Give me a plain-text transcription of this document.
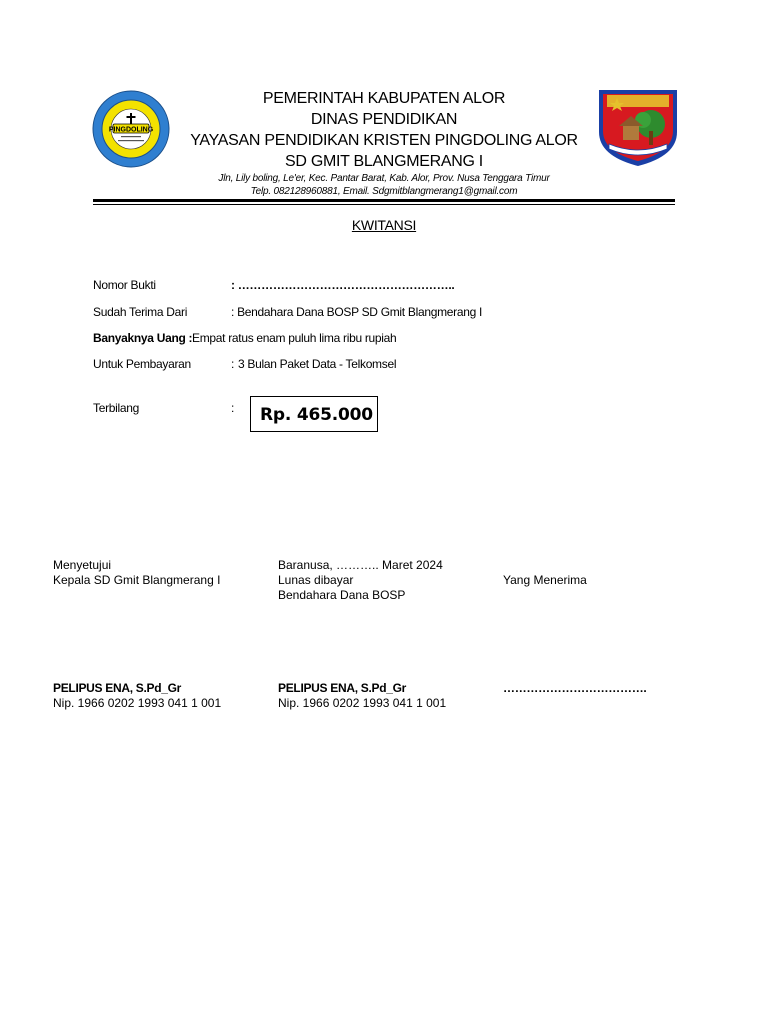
PINGDOLING
PEMERINTAH KABUPATEN ALOR
DINAS PENDIDIKAN
YAYASAN PENDIDIKAN KRISTEN PINGDOLING ALOR
SD GMIT BLANGMERANG I
Jln, Lily boling, Le'er, Kec. Pantar Barat, Kab. Alor, Prov. Nusa Tenggara Timur
Telp. 082128960881, Email. Sdgmitblangmerang1@gmail.com
KWITANSI
Nomor Bukti	: ………………………………………………..
Sudah Terima Dari	: Bendahara Dana BOSP SD Gmit Blangmerang I
Banyaknya Uang : Empat ratus enam puluh lima ribu rupiah
Untuk Pembayaran	: 3 Bulan Paket Data - Telkomsel
Terbilang	: Rp. 465.000
Menyetujui
Kepala SD Gmit Blangmerang I
PELIPUS ENA, S.Pd_Gr
Nip. 1966 0202 1993 041 1 001
Baranusa, ……….. Maret 2024
Lunas dibayar
Bendahara Dana BOSP
PELIPUS ENA, S.Pd_Gr
Nip. 1966 0202 1993 041 1 001
Yang Menerima
……………………………….
